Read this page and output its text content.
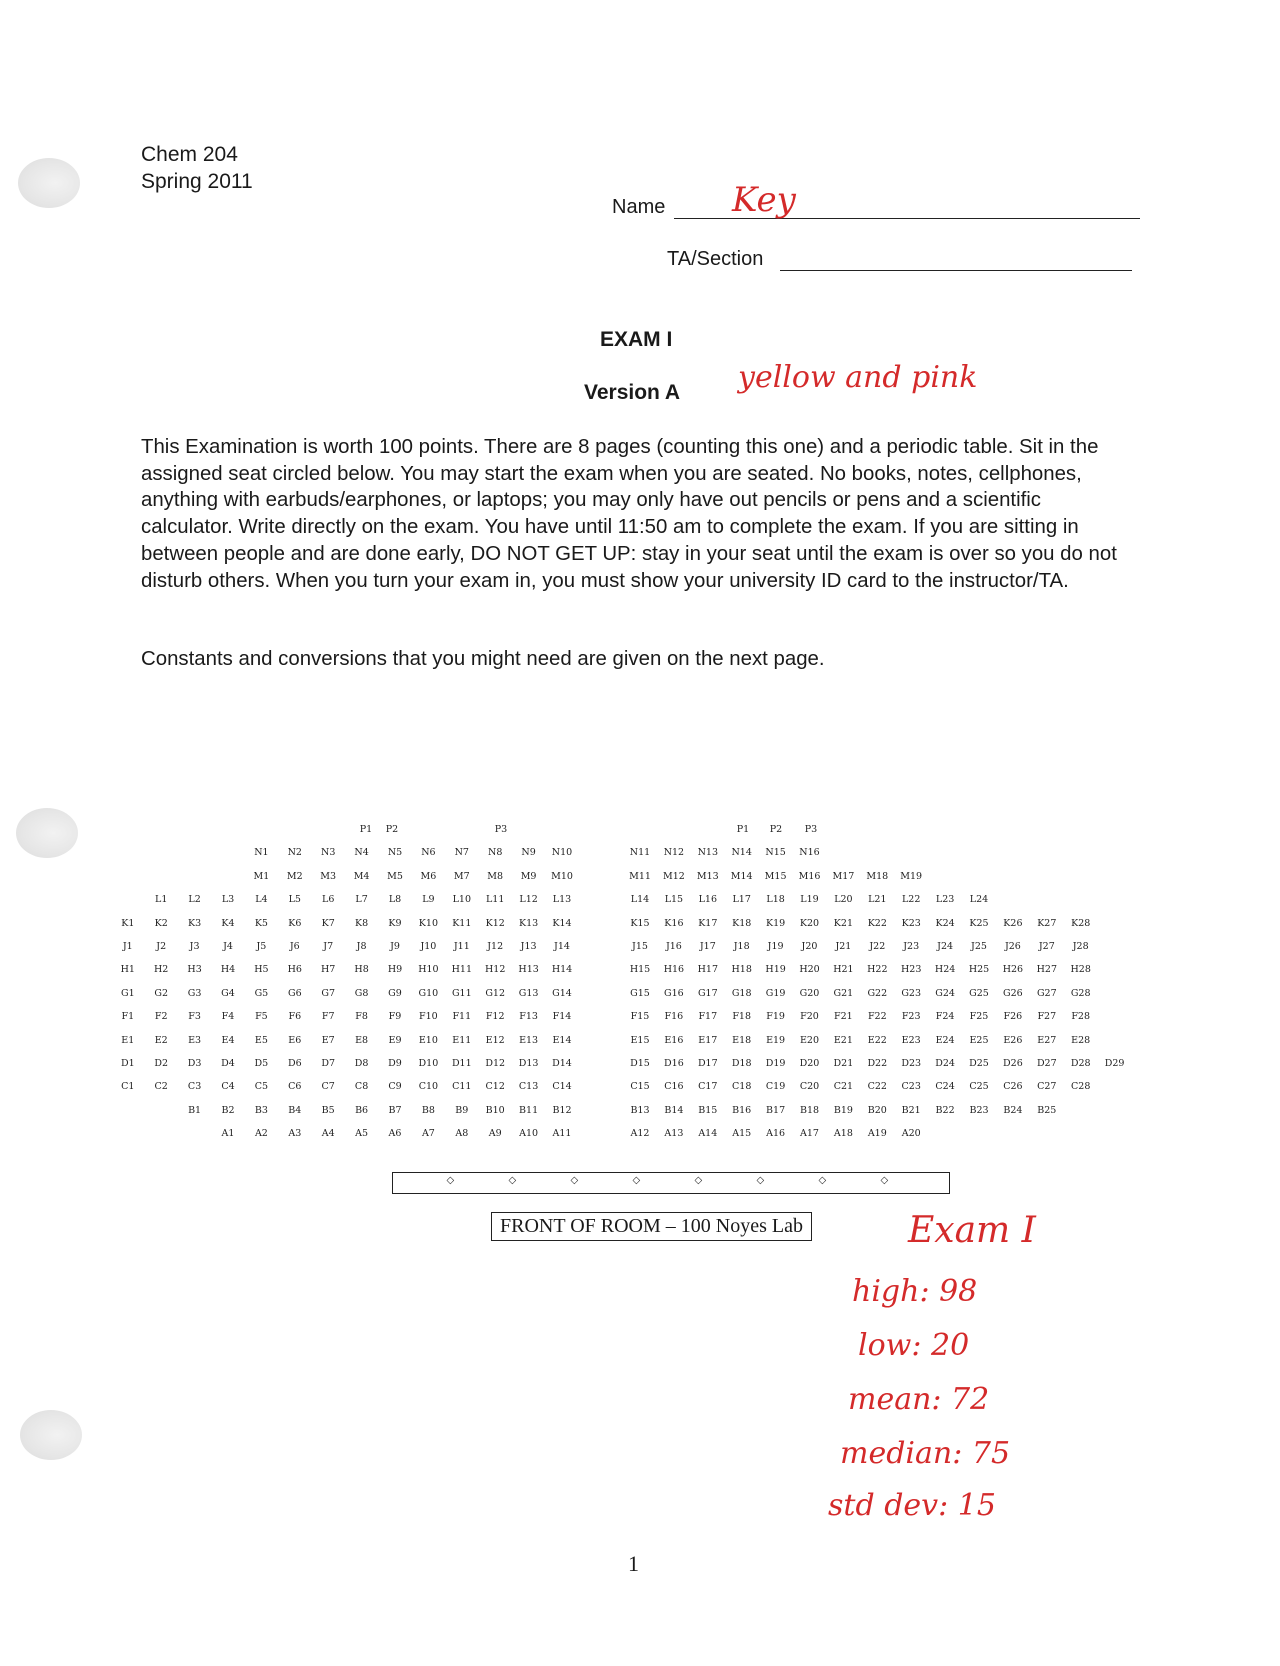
Chem 204
Spring 2011
Name Key
TA/Section
EXAM I
Version A yellow and pink
This Examination is worth 100 points. There are 8 pages (counting this one) and a periodic table. Sit in the assigned seat circled below. You may start the exam when you are seated. No books, notes, cellphones, anything with earbuds/earphones, or laptops; you may only have out pencils or pens and a scientific calculator. Write directly on the exam. You have until 11:50 am to complete the exam. If you are sitting in between people and are done early, DO NOT GET UP: stay in your seat until the exam is over so you do not disturb others. When you turn your exam in, you must show your university ID card to the instructor/TA.
Constants and conversions that you might need are given on the next page.
P1 P2	P3	P1 P2 P3
N1 N2 N3 N4 N5 N6 N7 N8 N9 N10	N11 N12 N13 N14 N15 N16
M1 M2 M3 M4 M5 M6 M7 M8 M9 M10	M11 M12 M13 M14 M15 M16 M17 M18 M19
L1 L2 L3 L4 L5 L6 L7 L8 L9 L10 L11 L12 L13	L14 L15 L16 L17 L18 L19 L20 L21 L22 L23 L24
K1 K2 K3 K4 K5 K6 K7 K8 K9 K10 K11 K12 K13 K14	K15 K16 K17 K18 K19 K20 K21 K22 K23 K24 K25 K26 K27 K28
J1 J2 J3 J4 J5 J6 J7 J8 J9 J10 J11 J12 J13 J14	J15 J16 J17 J18 J19 J20 J21 J22 J23 J24 J25 J26 J27 J28
H1 H2 H3 H4 H5 H6 H7 H8 H9 H10 H11 H12 H13 H14	H15 H16 H17 H18 H19 H20 H21 H22 H23 H24 H25 H26 H27 H28
G1 G2 G3 G4 G5 G6 G7 G8 G9 G10 G11 G12 G13 G14	G15 G16 G17 G18 G19 G20 G21 G22 G23 G24 G25 G26 G27 G28
F1 F2 F3 F4 F5 F6 F7 F8 F9 F10 F11 F12 F13 F14	F15 F16 F17 F18 F19 F20 F21 F22 F23 F24 F25 F26 F27 F28
E1 E2 E3 E4 E5 E6 E7 E8 E9 E10 E11 E12 E13 E14	E15 E16 E17 E18 E19 E20 E21 E22 E23 E24 E25 E26 E27 E28
D1 D2 D3 D4 D5 D6 D7 D8 D9 D10 D11 D12 D13 D14	D15 D16 D17 D18 D19 D20 D21 D22 D23 D24 D25 D26 D27 D28 D29
C1 C2 C3 C4 C5 C6 C7 C8 C9 C10 C11 C12 C13 C14	C15 C16 C17 C18 C19 C20 C21 C22 C23 C24 C25 C26 C27 C28
B1 B2 B3 B4 B5 B6 B7 B8 B9 B10 B11 B12	B13 B14 B15 B16 B17 B18 B19 B20 B21 B22 B23 B24 B25
A1 A2 A3 A4 A5 A6 A7 A8 A9 A10 A11	A12 A13 A14 A15 A16 A17 A18 A19 A20
◇	◇	◇	◇	◇	◇	◇	◇
FRONT OF ROOM – 100 Noyes Lab	Exam I
high: 98
low: 20
mean: 72
median: 75
std dev: 15
1
